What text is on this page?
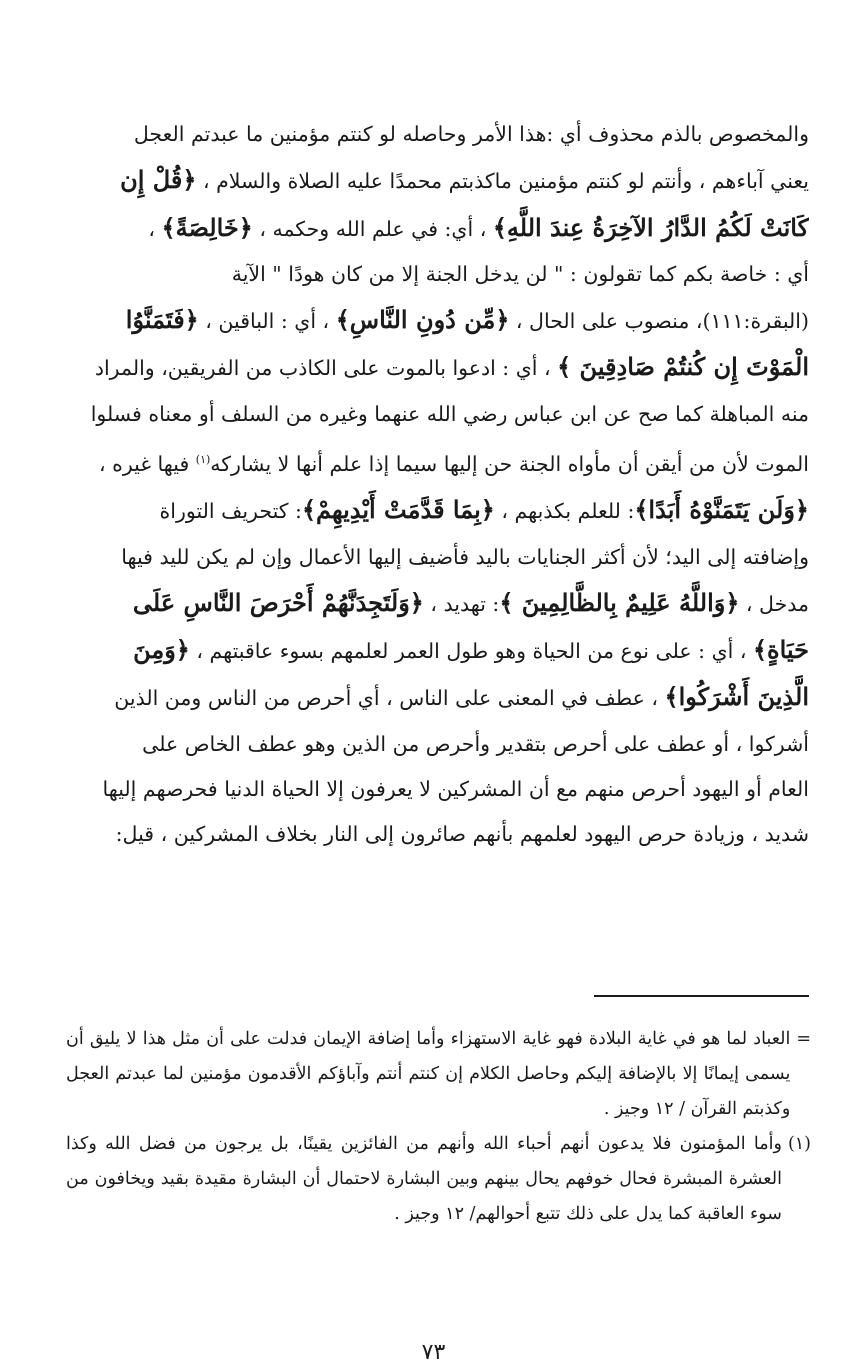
والمخصوص بالذم محذوف أي :هذا الأمر وحاصله لو كنتم مؤمنين ما عبدتم العجل
يعني آباءهم ، وأنتم لو كنتم مؤمنين ماكذبتم محمدًا عليه الصلاة والسلام ، ﴿قُلْ إِن
كَانَتْ لَكُمُ الدَّارُ الآخِرَةُ عِندَ اللَّهِ﴾ ، أي: في علم الله وحكمه ، ﴿خَالِصَةً﴾ ،
أي : خاصة بكم كما تقولون : " لن يدخل الجنة إلا من كان هودًا " الآية
(البقرة:١١١)، منصوب على الحال ، ﴿مِّن دُونِ النَّاسِ﴾ ، أي : الباقين ، ﴿فَتَمَنَّوُا
الْمَوْتَ إِن كُنتُمْ صَادِقِينَ ﴾ ، أي : ادعوا بالموت على الكاذب من الفريقين، والمراد
منه المباهلة كما صح عن ابن عباس رضي الله عنهما وغيره من السلف أو معناه فسلوا
الموت لأن من أيقن أن مأواه الجنة حن إليها سيما إذا علم أنها لا يشاركه$^{(١)}$ فيها غيره ،
﴿وَلَن يَتَمَنَّوْهُ أَبَدًا﴾: للعلم بكذبهم ، ﴿بِمَا قَدَّمَتْ أَيْدِيهِمْ﴾: كتحريف التوراة
وإضافته إلى اليد؛ لأن أكثر الجنايات باليد فأضيف إليها الأعمال وإن لم يكن لليد فيها
مدخل ، ﴿وَاللَّهُ عَلِيمٌ بِالظَّالِمِينَ ﴾: تهديد ، ﴿وَلَتَجِدَنَّهُمْ أَحْرَصَ النَّاسِ عَلَى
حَيَاةٍ﴾ ، أي : على نوع من الحياة وهو طول العمر لعلمهم بسوء عاقبتهم ، ﴿وَمِنَ
الَّذِينَ أَشْرَكُوا﴾ ، عطف في المعنى على الناس ، أي أحرص من الناس ومن الذين
أشركوا ، أو عطف على أحرص بتقدير وأحرص من الذين وهو عطف الخاص على
العام أو اليهود أحرص منهم مع أن المشركين لا يعرفون إلا الحياة الدنيا فحرصهم إليها
شديد ، وزيادة حرص اليهود لعلمهم بأنهم صائرون إلى النار بخلاف المشركين ، قيل:
=
العباد لما هو في غاية البلادة فهو غاية الاستهزاء وأما إضافة الإيمان فدلت على أن مثل هذا لا يليق أن يسمى إيمانًا إلا بالإضافة إليكم وحاصل الكلام إن كنتم أنتم وآباؤكم الأقدمون مؤمنين لما عبدتم العجل وكذبتم القرآن / ١٢ وجيز .
(١)
وأما المؤمنون فلا يدعون أنهم أحباء الله وأنهم من الفائزين يقينًا، بل يرجون من فضل الله وكذا العشرة المبشرة فحال خوفهم يحال بينهم وبين البشارة لاحتمال أن البشارة مقيدة بقيد ويخافون من سوء العاقبة كما يدل على ذلك تتبع أحوالهم/ ١٢ وجيز .
٧٣
